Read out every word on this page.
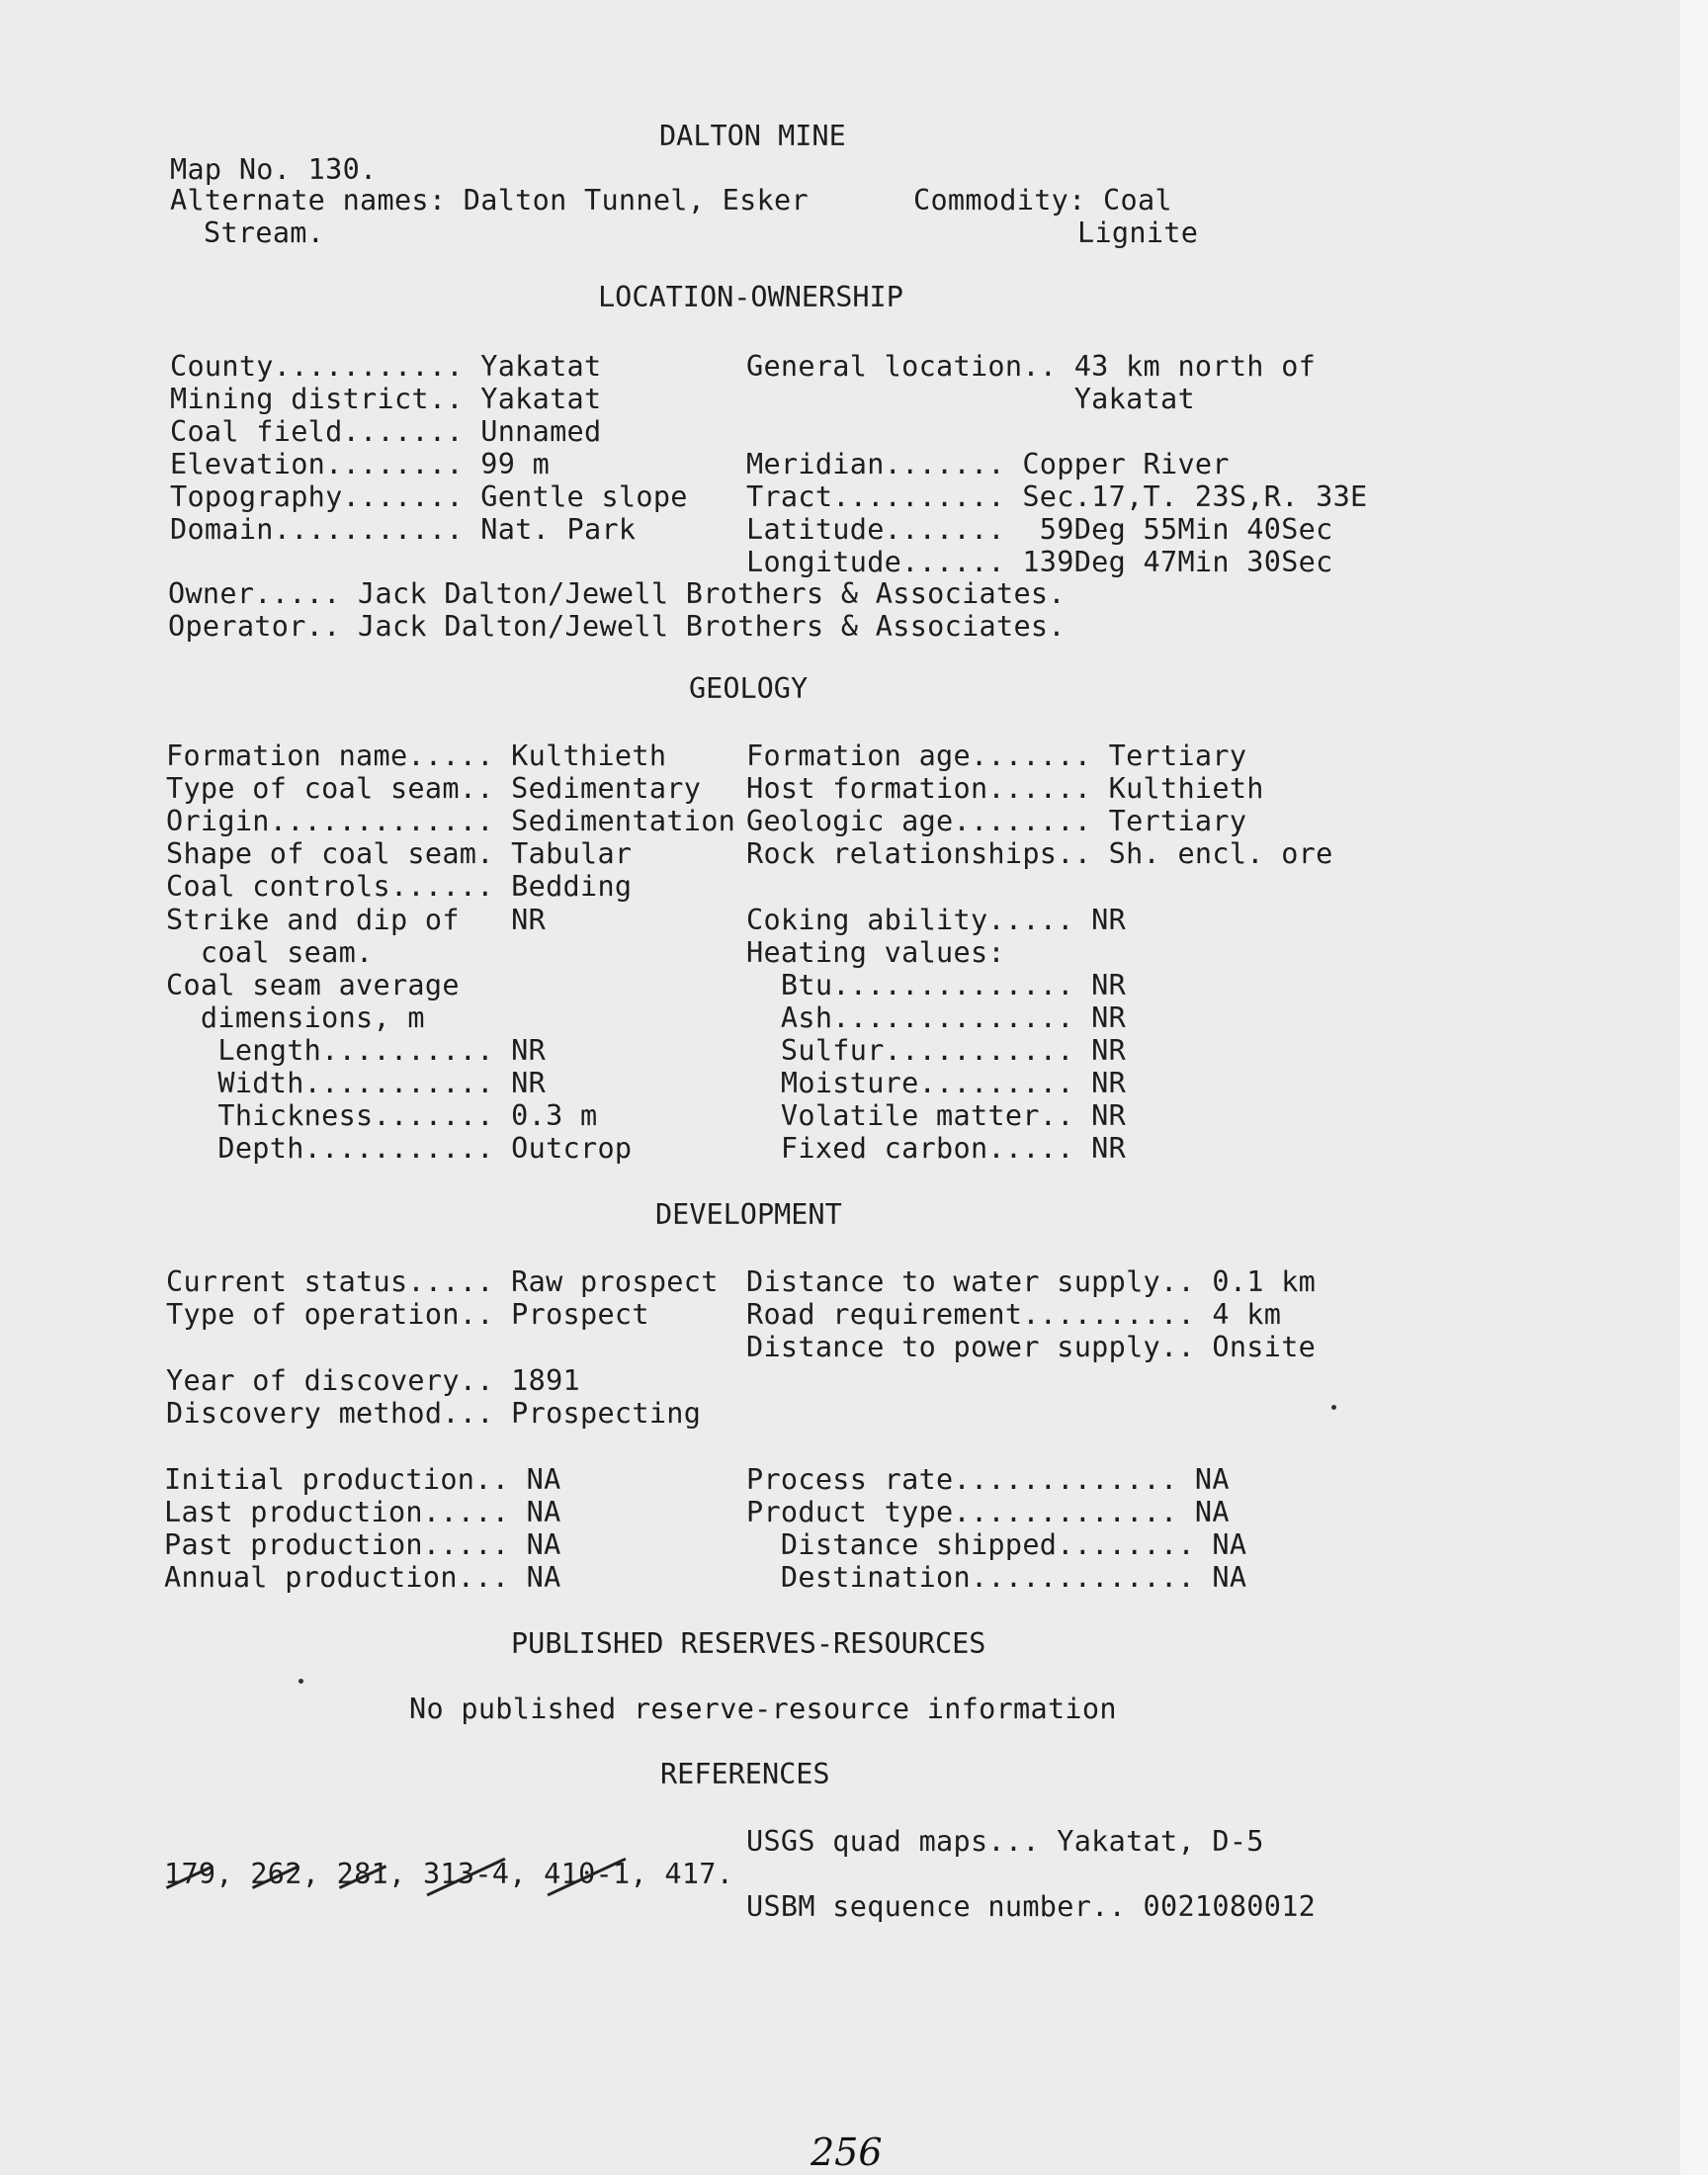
DALTON MINE
Map No. 130.
Alternate names: Dalton Tunnel, Esker
Stream.
Commodity: Coal
Lignite
LOCATION-OWNERSHIP
County........... Yakatat
Mining district.. Yakatat
Coal field....... Unnamed
Elevation........ 99 m
Topography....... Gentle slope
Domain........... Nat. Park
General location.. 43 km north of
Yakatat
Meridian....... Copper River
Tract.......... Sec.17,T. 23S,R. 33E
Latitude.......  59Deg 55Min 40Sec
Longitude...... 139Deg 47Min 30Sec
Owner..... Jack Dalton/Jewell Brothers & Associates.
Operator.. Jack Dalton/Jewell Brothers & Associates.
GEOLOGY
Formation name..... Kulthieth
Type of coal seam.. Sedimentary
Origin............. Sedimentation
Shape of coal seam. Tabular
Coal controls...... Bedding
Strike and dip of   NR
coal seam.
Coal seam average
dimensions, m
Length.......... NR
Width........... NR
Thickness....... 0.3 m
Depth........... Outcrop
Formation age....... Tertiary
Host formation...... Kulthieth
Geologic age........ Tertiary
Rock relationships.. Sh. encl. ore
Coking ability..... NR
Heating values:
Btu.............. NR
Ash.............. NR
Sulfur........... NR
Moisture......... NR
Volatile matter.. NR
Fixed carbon..... NR
DEVELOPMENT
Current status..... Raw prospect
Type of operation.. Prospect
Year of discovery.. 1891
Discovery method... Prospecting
Distance to water supply.. 0.1 km
Road requirement.......... 4 km
Distance to power supply.. Onsite
Initial production.. NA
Last production..... NA
Past production..... NA
Annual production... NA
Process rate............. NA
Product type............. NA
Distance shipped........ NA
Destination............. NA
PUBLISHED RESERVES-RESOURCES
No published reserve-resource information
REFERENCES

179, 262, 281, 313-4, 410-1, 417.
USGS quad maps... Yakatat, D-5
USBM sequence number.. 0021080012
256
